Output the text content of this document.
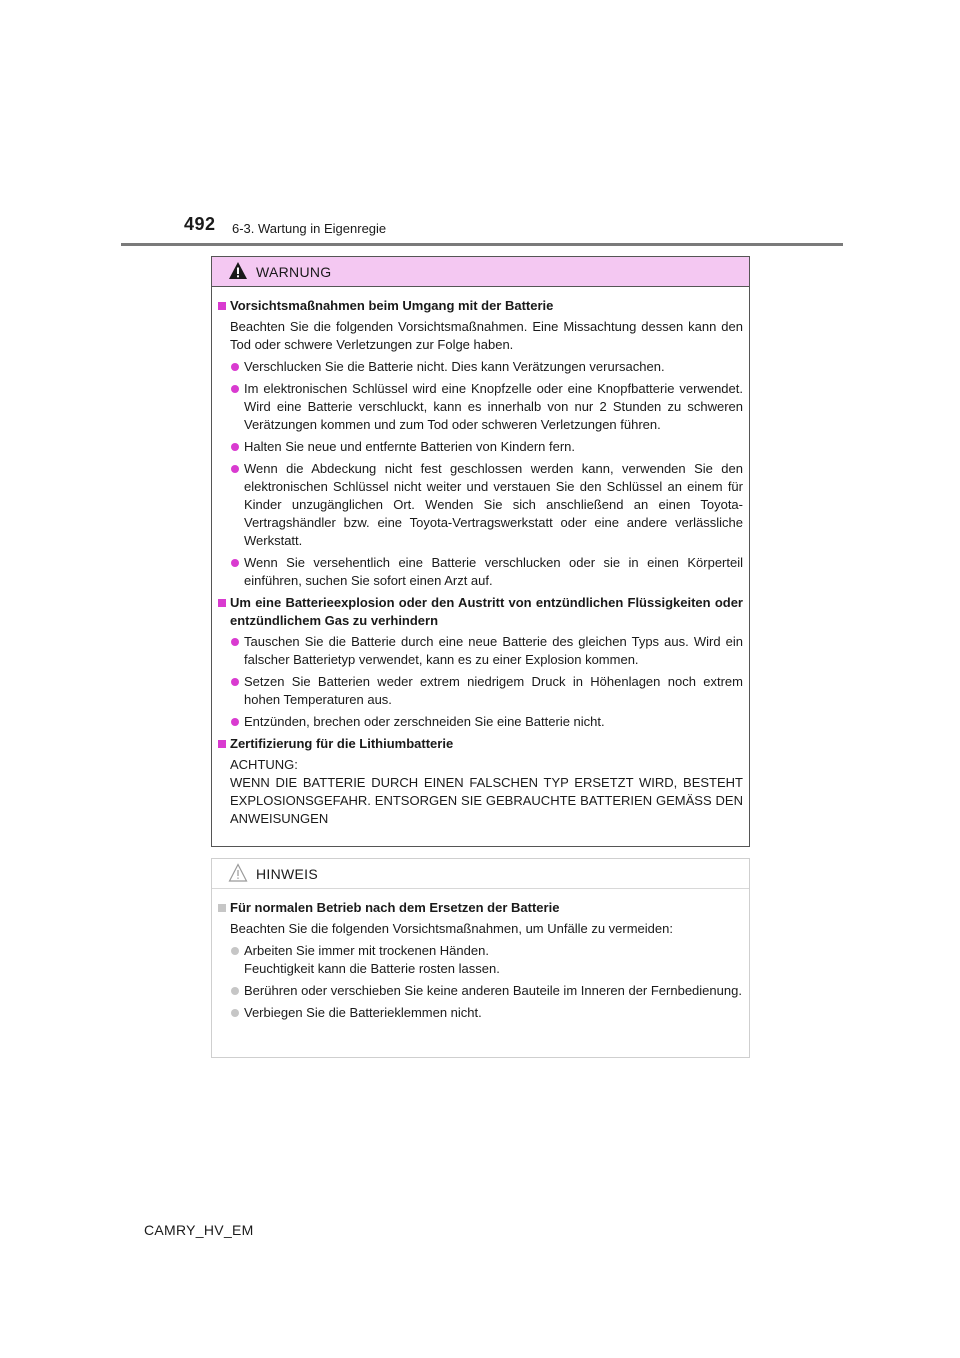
492 6-3. Wartung in Eigenregie
WARNUNG
Vorsichtsmaßnahmen beim Umgang mit der Batterie
Beachten Sie die folgenden Vorsichtsmaßnahmen. Eine Missachtung dessen kann den Tod oder schwere Verletzungen zur Folge haben.
Verschlucken Sie die Batterie nicht. Dies kann Verätzungen verursachen.
Im elektronischen Schlüssel wird eine Knopfzelle oder eine Knopfbatterie verwendet. Wird eine Batterie verschluckt, kann es innerhalb von nur 2 Stunden zu schweren Verätzungen kommen und zum Tod oder schweren Verletzungen führen.
Halten Sie neue und entfernte Batterien von Kindern fern.
Wenn die Abdeckung nicht fest geschlossen werden kann, verwenden Sie den elektronischen Schlüssel nicht weiter und verstauen Sie den Schlüssel an einem für Kinder unzugänglichen Ort. Wenden Sie sich anschließend an einen Toyota-Vertragshändler bzw. eine Toyota-Vertragswerkstatt oder eine andere verlässliche Werkstatt.
Wenn Sie versehentlich eine Batterie verschlucken oder sie in einen Körperteil einführen, suchen Sie sofort einen Arzt auf.
Um eine Batterieexplosion oder den Austritt von entzündlichen Flüssigkeiten oder entzündlichem Gas zu verhindern
Tauschen Sie die Batterie durch eine neue Batterie des gleichen Typs aus. Wird ein falscher Batterietyp verwendet, kann es zu einer Explosion kommen.
Setzen Sie Batterien weder extrem niedrigem Druck in Höhenlagen noch extrem hohen Temperaturen aus.
Entzünden, brechen oder zerschneiden Sie eine Batterie nicht.
Zertifizierung für die Lithiumbatterie
ACHTUNG:
WENN DIE BATTERIE DURCH EINEN FALSCHEN TYP ERSETZT WIRD, BESTEHT EXPLOSIONSGEFAHR. ENTSORGEN SIE GEBRAUCHTE BATTERIEN GEMÄSS DEN ANWEISUNGEN
HINWEIS
Für normalen Betrieb nach dem Ersetzen der Batterie
Beachten Sie die folgenden Vorsichtsmaßnahmen, um Unfälle zu vermeiden:
Arbeiten Sie immer mit trockenen Händen.
Feuchtigkeit kann die Batterie rosten lassen.
Berühren oder verschieben Sie keine anderen Bauteile im Inneren der Fernbedienung.
Verbiegen Sie die Batterieklemmen nicht.
CAMRY_HV_EM
